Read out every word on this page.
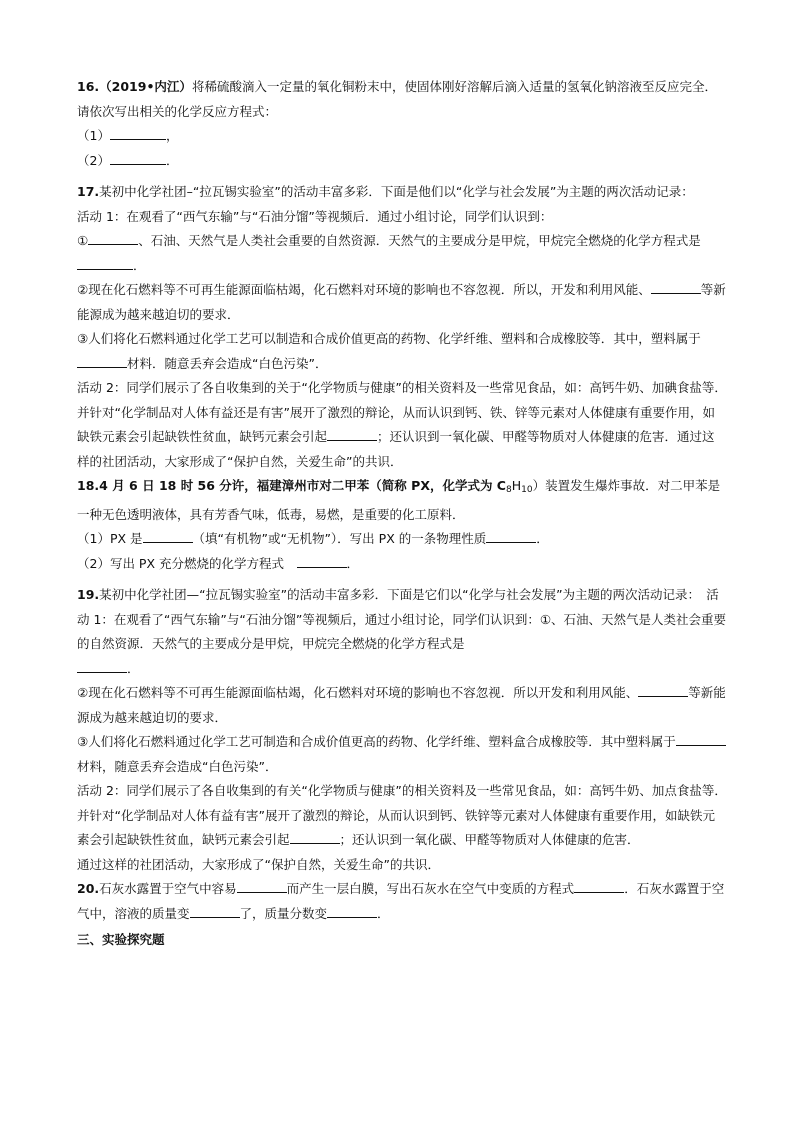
16.（2019•内江）将稀硫酸滴入一定量的氧化铜粉末中，使固体刚好溶解后滴入适量的氢氧化钠溶液至反应完全．请依次写出相关的化学反应方程式：

（1）	，

（2）	．

17.某初中化学社团–“拉瓦锡实验室”的活动丰富多彩．下面是他们以“化学与社会发展”为主题的两次活动记录：

活动 1：在观看了“西气东输”与“石油分馏”等视频后．通过小组讨论，同学们认识到：

①	、石油、天然气是人类社会重要的自然资源．天然气的主要成分是甲烷，甲烷完全燃烧的化学方程式是　．

②现在化石燃料等不可再生能源面临枯竭，化石燃料对环境的影响也不容忽视．所以，开发和利用风能、	等新能源成为越来越迫切的要求．

③人们将化石燃料通过化学工艺可以制造和合成价值更高的药物、化学纤维、塑料和合成橡胶等．其中，塑料属于材料．随意丢弃会造成“白色污染”．

活动 2：同学们展示了各自收集到的关于“化学物质与健康”的相关资料及一些常见食品，如：高钙牛奶、加碘食盐等．并针对“化学制品对人体有益还是有害”展开了激烈的辩论，从而认识到钙、铁、锌等元素对人体健康有重要作用，如缺铁元素会引起缺铁性贫血，缺钙元素会引起	；还认识到一氧化碳、甲醛等物质对人体健康的危害．通过这样的社团活动，大家形成了“保护自然，关爱生命”的共识．

18.4 月 6 日 18 时 56 分许，福建漳州市对二甲苯（简称 PX，化学式为 $C_8H_{10}$）装置发生爆炸事故．对二甲苯是一种无色透明液体，具有芳香气味，低毒，易燃，是重要的化工原料．

（1）PX 是	（填“有机物”或“无机物”）．写出 PX 的一条物理性质	．

（2）写出 PX 充分燃烧的化学方程式　	．

19.某初中化学社团—“拉瓦锡实验室”的活动丰富多彩．下面是它们以“化学与社会发展”为主题的两次活动记录：　活动 1：在观看了“西气东输”与“石油分馏”等视频后，通过小组讨论，同学们认识到：①、石油、天然气是人类社会重要的自然资源．天然气的主要成分是甲烷，甲烷完全燃烧的化学方程式是
．

②现在化石燃料等不可再生能源面临枯竭，化石燃料对环境的影响也不容忽视．所以开发和利用风能、	等新能源成为越来越迫切的要求．

③人们将化石燃料通过化学工艺可制造和合成价值更高的药物、化学纤维、塑料盒合成橡胶等．其中塑料属于材料，随意丢弃会造成“白色污染”．

活动 2：同学们展示了各自收集到的有关“化学物质与健康”的相关资料及一些常见食品，如：高钙牛奶、加点食盐等．并针对“化学制品对人体有益有害”展开了激烈的辩论，从而认识到钙、铁锌等元素对人体健康有重要作用，如缺铁元素会引起缺铁性贫血，缺钙元素会引起	；还认识到一氧化碳、甲醛等物质对人体健康的危害．

通过这样的社团活动，大家形成了“保护自然，关爱生命”的共识．

20.石灰水露置于空气中容易	而产生一层白膜，写出石灰水在空气中变质的方程式	．石灰水露置于空气中，溶液的质量变	了，质量分数变	．

三、实验探究题
